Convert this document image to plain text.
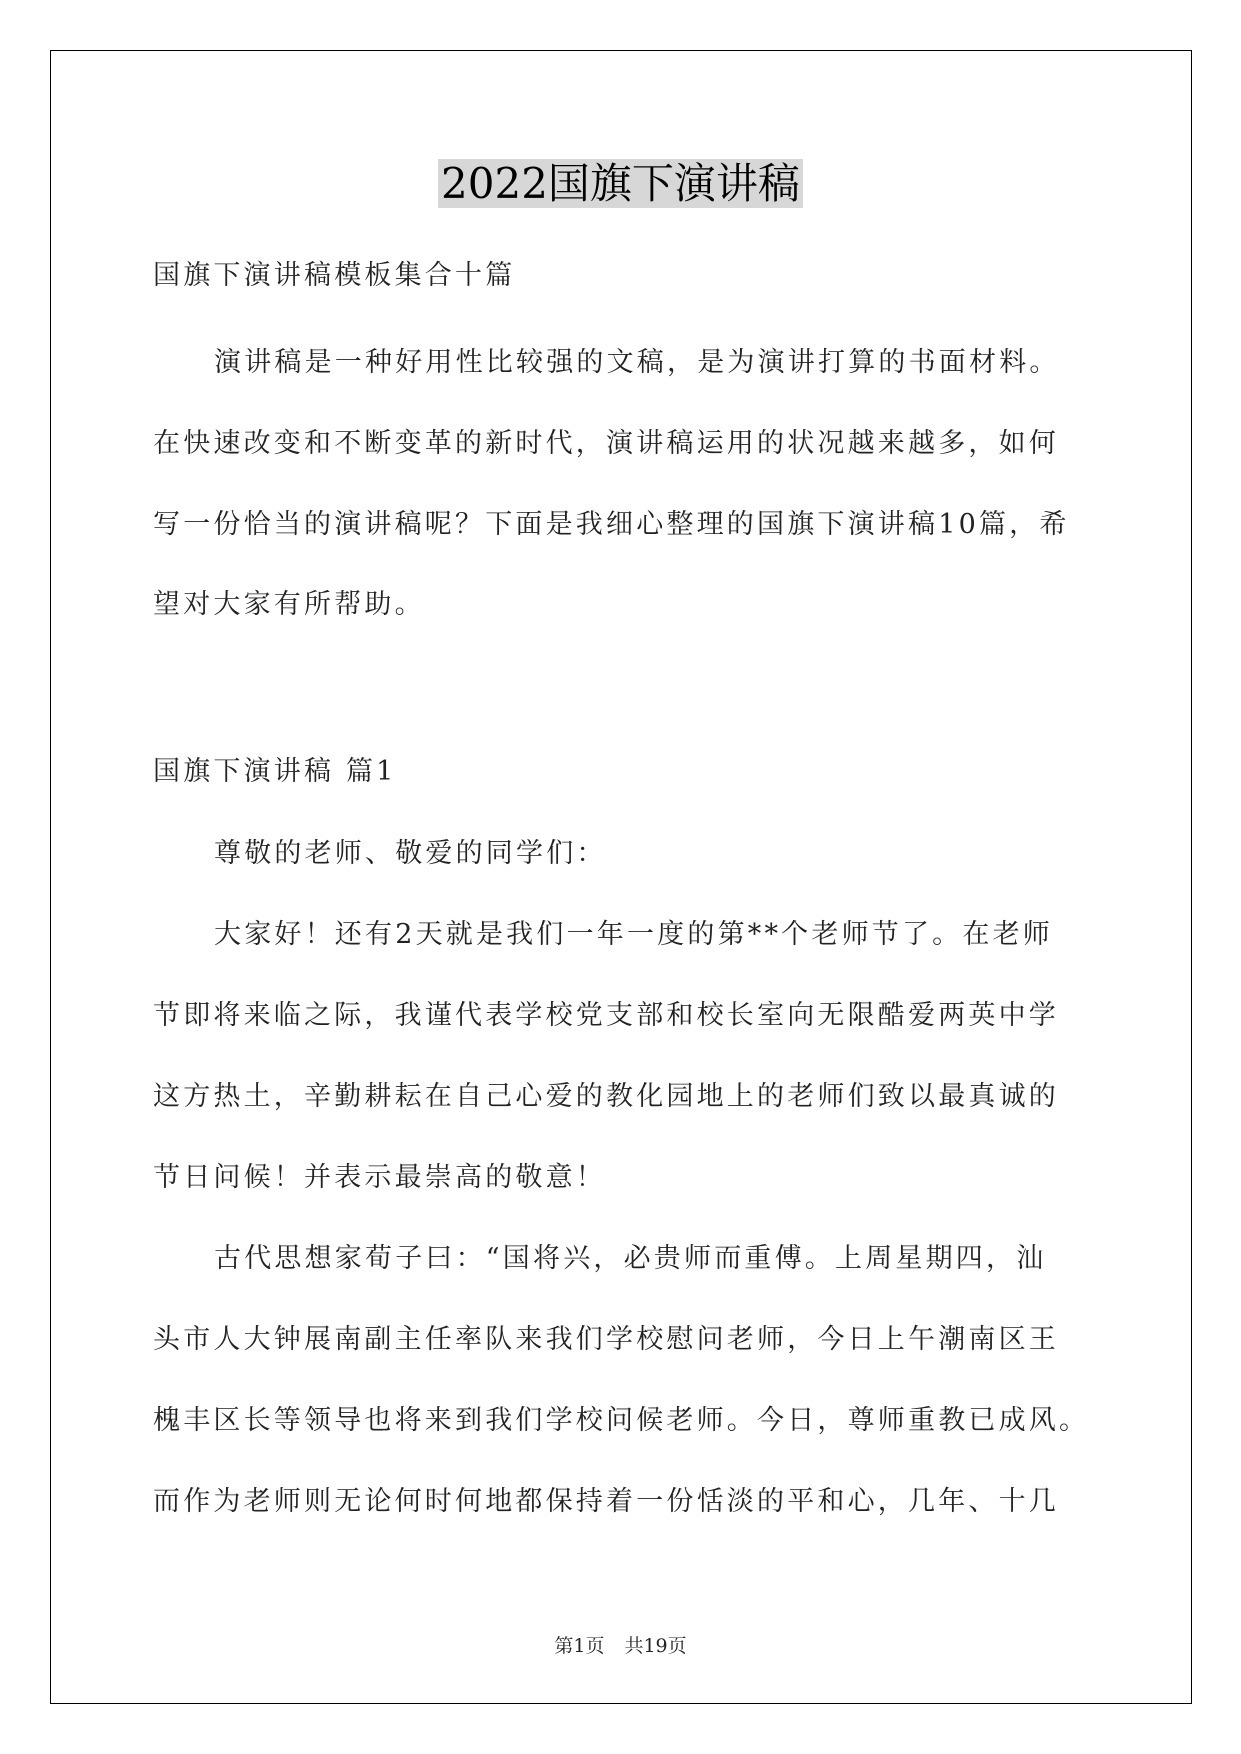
2022国旗下演讲稿
国旗下演讲稿模板集合十篇
演讲稿是一种好用性比较强的文稿，是为演讲打算的书面材料。
在快速改变和不断变革的新时代，演讲稿运用的状况越来越多，如何
写一份恰当的演讲稿呢？下面是我细心整理的国旗下演讲稿10篇，希
望对大家有所帮助。
国旗下演讲稿 篇1
尊敬的老师、敬爱的同学们：
大家好！还有2天就是我们一年一度的第**个老师节了。在老师
节即将来临之际，我谨代表学校党支部和校长室向无限酷爱两英中学
这方热土，辛勤耕耘在自己心爱的教化园地上的老师们致以最真诚的
节日问候！并表示最崇高的敬意！
古代思想家荀子曰：“国将兴，必贵师而重傅。上周星期四，汕
头市人大钟展南副主任率队来我们学校慰问老师，今日上午潮南区王
槐丰区长等领导也将来到我们学校问候老师。今日，尊师重教已成风。
而作为老师则无论何时何地都保持着一份恬淡的平和心，几年、十几
第1页 共19页
